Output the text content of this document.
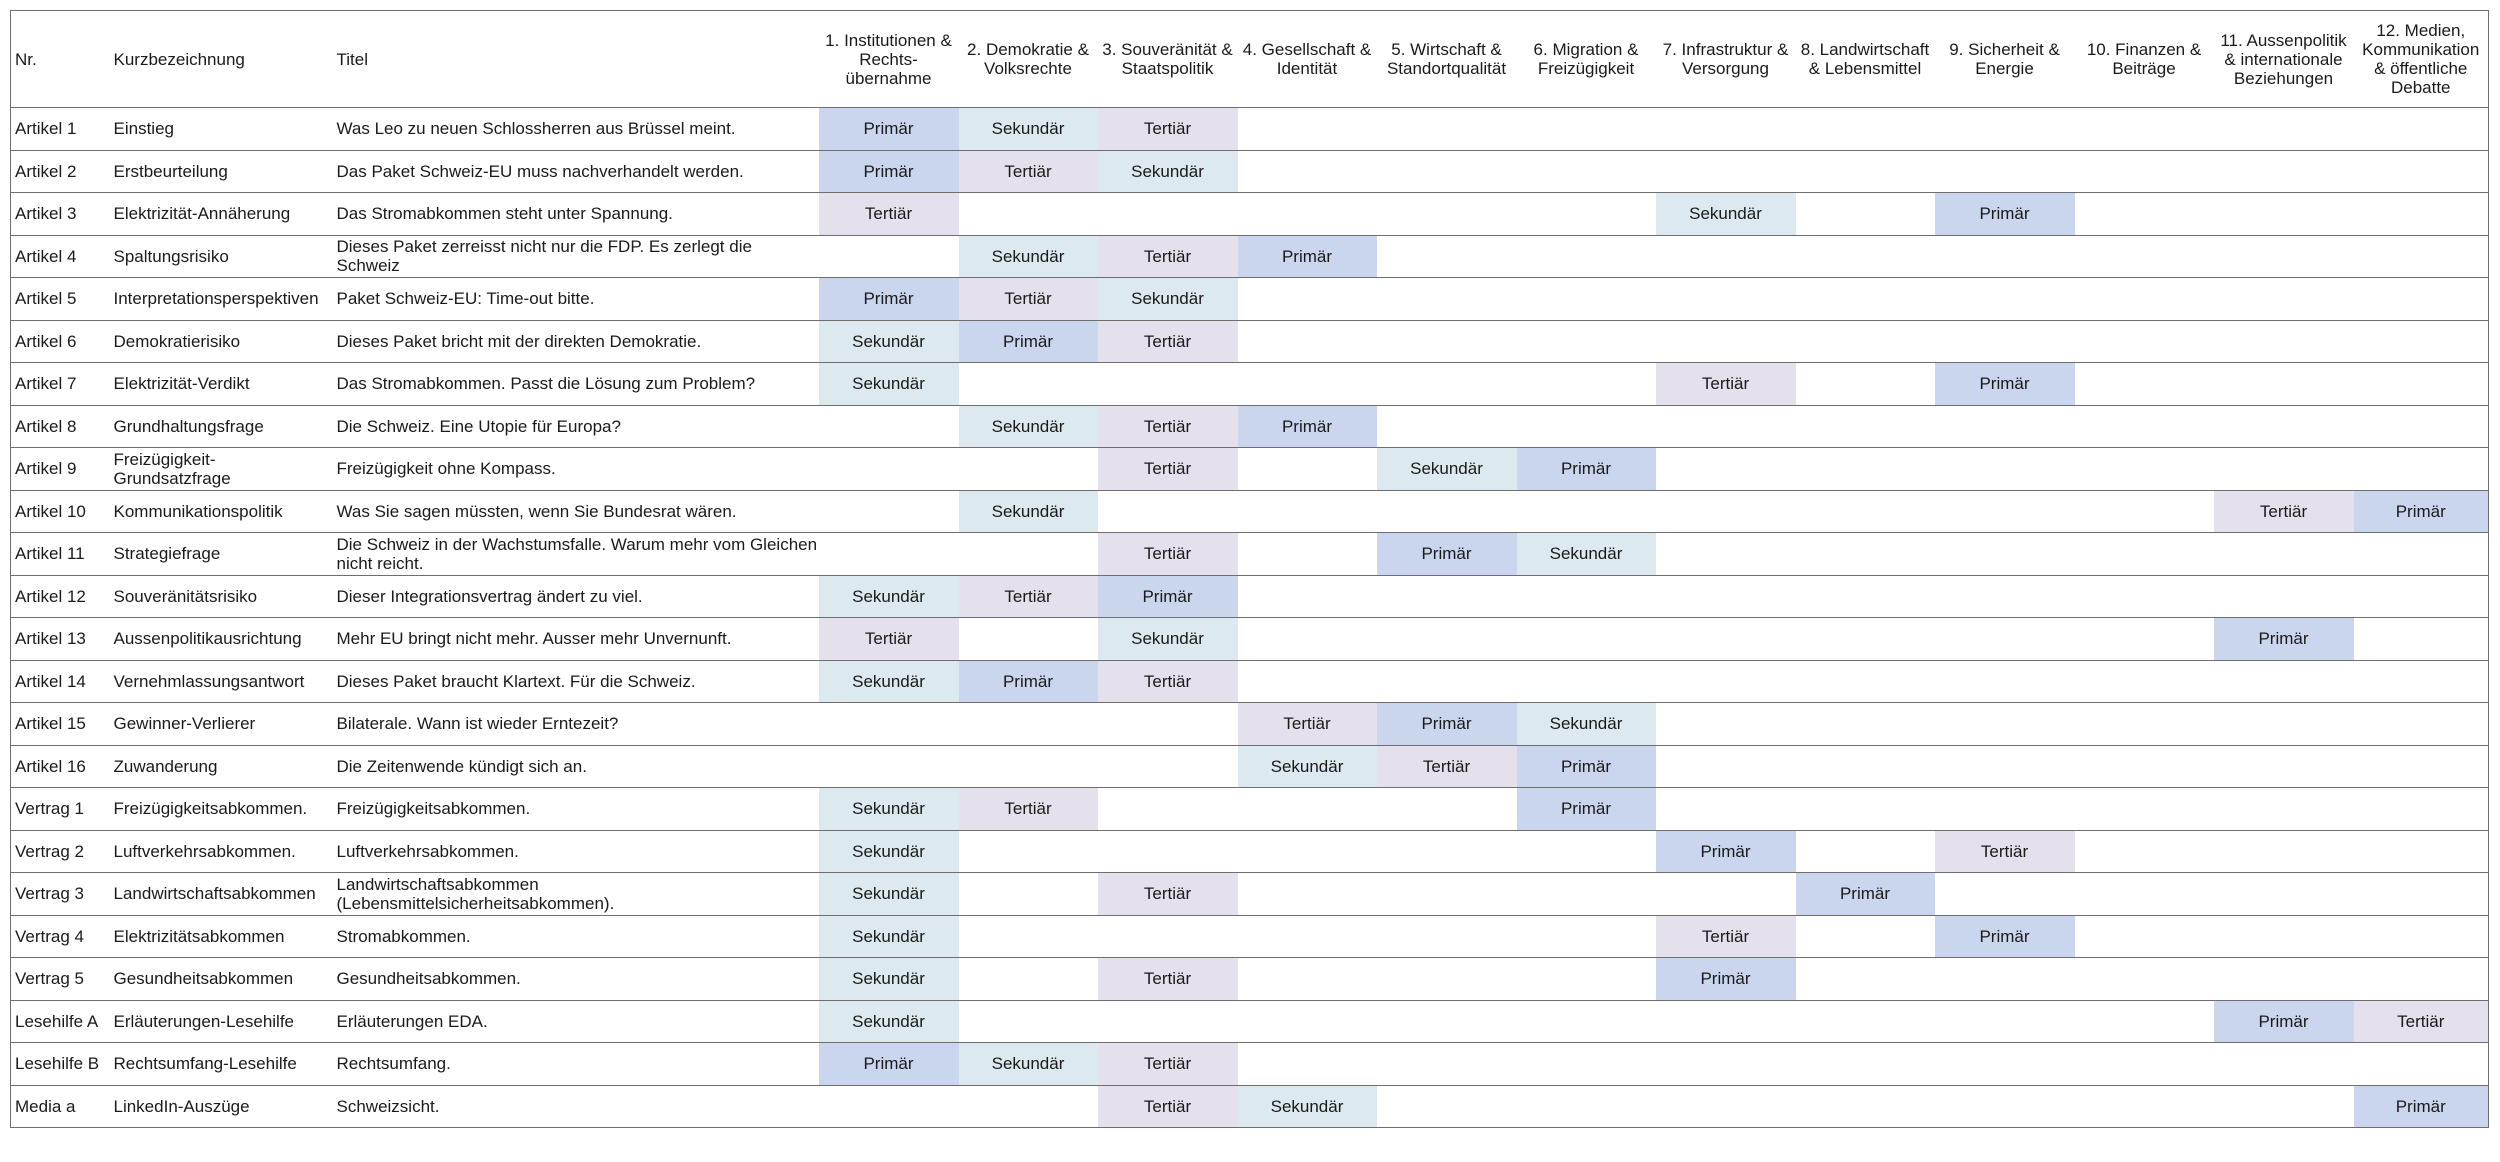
Nr.	Kurzbezeichnung	Titel	1. Institutionen & Rechts-übernahme	2. Demokratie & Volksrechte	3. Souveränität & Staatspolitik	4. Gesellschaft & Identität	5. Wirtschaft & Standortqualität	6. Migration & Freizügigkeit	7. Infrastruktur & Versorgung	8. Landwirtschaft & Lebensmittel	9. Sicherheit & Energie	10. Finanzen & Beiträge	11. Aussenpolitik & internationale Beziehungen	12. Medien, Kommunikation & öffentliche Debatte

Artikel 1	Einstieg	Was Leo zu neuen Schlossherren aus Brüssel meint.	Primär	Sekundär	Tertiär									

Artikel 2	Erstbeurteilung	Das Paket Schweiz-EU muss nachverhandelt werden.	Primär	Tertiär	Sekundär									

Artikel 3	Elektrizität-Annäherung	Das Stromabkommen steht unter Spannung.	Tertiär						Sekundär		Primär			

Artikel 4	Spaltungsrisiko	Dieses Paket zerreisst nicht nur die FDP. Es zerlegt die Schweiz		Sekundär	Tertiär	Primär								

Artikel 5	Interpretationsperspektiven	Paket Schweiz-EU: Time-out bitte.	Primär	Tertiär	Sekundär									

Artikel 6	Demokratierisiko	Dieses Paket bricht mit der direkten Demokratie.	Sekundär	Primär	Tertiär									

Artikel 7	Elektrizität-Verdikt	Das Stromabkommen. Passt die Lösung zum Problem?	Sekundär						Tertiär		Primär			

Artikel 8	Grundhaltungsfrage	Die Schweiz. Eine Utopie für Europa?		Sekundär	Tertiär	Primär								

Artikel 9	Freizügigkeit-Grundsatzfrage	Freizügigkeit ohne Kompass.			Tertiär		Sekundär	Primär						

Artikel 10	Kommunikationspolitik	Was Sie sagen müssten, wenn Sie Bundesrat wären.		Sekundär									Tertiär	Primär

Artikel 11	Strategiefrage	Die Schweiz in der Wachstumsfalle. Warum mehr vom Gleichen nicht reicht.			Tertiär		Primär	Sekundär						

Artikel 12	Souveränitätsrisiko	Dieser Integrationsvertrag ändert zu viel.	Sekundär	Tertiär	Primär									

Artikel 13	Aussenpolitikausrichtung	Mehr EU bringt nicht mehr. Ausser mehr Unvernunft.	Tertiär		Sekundär								Primär	

Artikel 14	Vernehmlassungsantwort	Dieses Paket braucht Klartext. Für die Schweiz.	Sekundär	Primär	Tertiär									

Artikel 15	Gewinner-Verlierer	Bilaterale. Wann ist wieder Erntezeit?				Tertiär	Primär	Sekundär						

Artikel 16	Zuwanderung	Die Zeitenwende kündigt sich an.				Sekundär	Tertiär	Primär						

Vertrag 1	Freizügigkeitsabkommen.	Freizügigkeitsabkommen.	Sekundär	Tertiär				Primär						

Vertrag 2	Luftverkehrsabkommen.	Luftverkehrsabkommen.	Sekundär						Primär		Tertiär			

Vertrag 3	Landwirtschaftsabkommen	Landwirtschaftsabkommen (Lebensmittelsicherheitsabkommen).	Sekundär		Tertiär					Primär				

Vertrag 4	Elektrizitätsabkommen	Stromabkommen.	Sekundär						Tertiär		Primär			

Vertrag 5	Gesundheitsabkommen	Gesundheitsabkommen.	Sekundär		Tertiär				Primär					

Lesehilfe A	Erläuterungen-Lesehilfe	Erläuterungen EDA.	Sekundär										Primär	Tertiär

Lesehilfe B	Rechtsumfang-Lesehilfe	Rechtsumfang.	Primär	Sekundär	Tertiär									

Media a	LinkedIn-Auszüge	Schweizsicht.			Tertiär	Sekundär								Primär
